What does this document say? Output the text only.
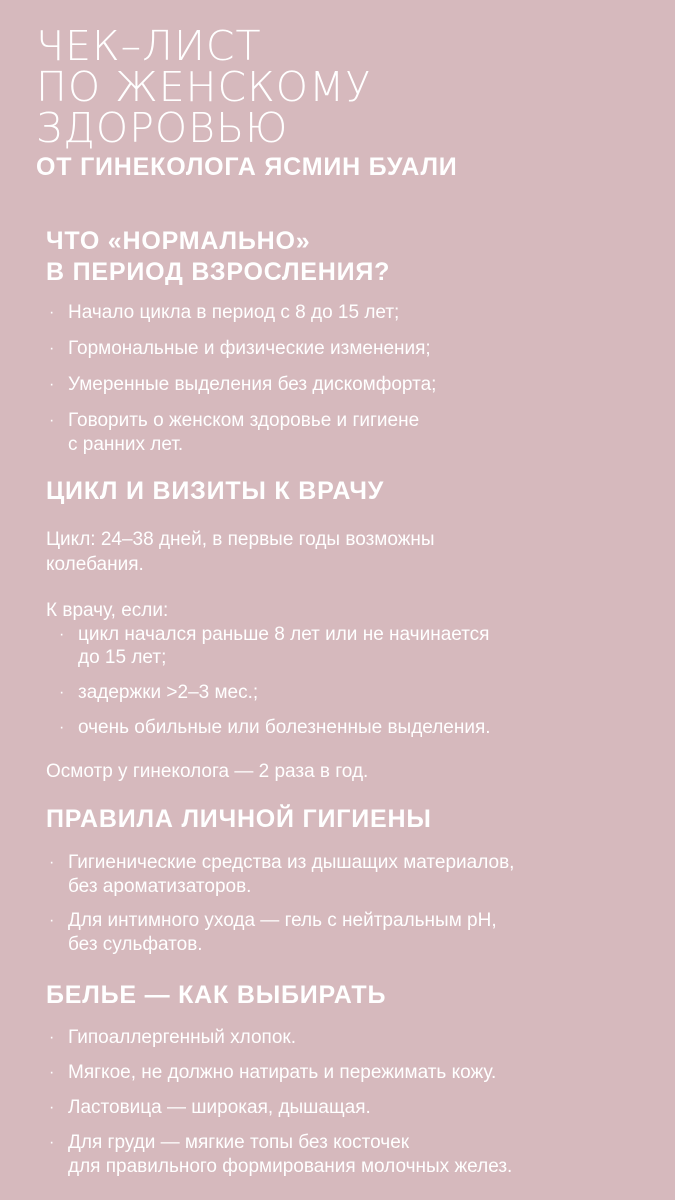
ЧЕК–ЛИСТ
ПО ЖЕНСКОМУ
ЗДОРОВЬЮ
ОТ ГИНЕКОЛОГА ЯСМИН БУАЛИ
ЧТО «НОРМАЛЬНО»
В ПЕРИОД ВЗРОСЛЕНИЯ?
· Начало цикла в период с 8 до 15 лет;
· Гормональные и физические изменения;
· Умеренные выделения без дискомфорта;
· Говорить о женском здоровье и гигиене
с ранних лет.
ЦИКЛ И ВИЗИТЫ К ВРАЧУ
Цикл: 24–38 дней, в первые годы возможны
колебания.
К врачу, если:
· цикл начался раньше 8 лет или не начинается
до 15 лет;
· задержки >2–3 мес.;
· очень обильные или болезненные выделения.
Осмотр у гинеколога — 2 раза в год.
ПРАВИЛА ЛИЧНОЙ ГИГИЕНЫ
· Гигиенические средства из дышащих материалов,
без ароматизаторов.
· Для интимного ухода — гель с нейтральным pH,
без сульфатов.
БЕЛЬЕ — КАК ВЫБИРАТЬ
· Гипоаллергенный хлопок.
· Мягкое, не должно натирать и пережимать кожу.
· Ластовица — широкая, дышащая.
· Для груди — мягкие топы без косточек
для правильного формирования молочных желез.
